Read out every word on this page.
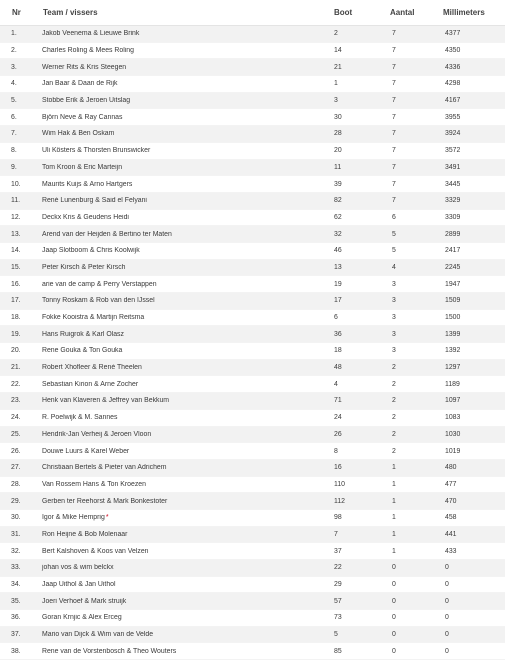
Nr	Team / vissers	Boot	Aantal	Millimeters
1.	Jakob Veenema & Lieuwe Brink	2	7	4377
2.	Charles Roling & Mees Roling	14	7	4350
3.	Werner Rits & Kris Steegen	21	7	4336
4.	Jan Baar & Daan de Rijk	1	7	4298
5.	Stobbe Erik & Jeroen Uitslag	3	7	4167
6.	Björn Neve & Ray Cannas	30	7	3955
7.	Wim Hak & Ben Oskam	28	7	3924
8.	Uli Kösters & Thorsten Brunswicker	20	7	3572
9.	Tom Kroon & Eric Marteijn	11	7	3491
10.	Maurits Kuijs & Arno Hartgers	39	7	3445
11.	René Lunenburg & Said el Felyani	82	7	3329
12.	Deckx Kris & Geudens Heidi	62	6	3309
13.	Arend van der Heijden & Bertino ter Maten	32	5	2899
14.	Jaap Slotboom & Chris Koolwijk	46	5	2417
15.	Peter Kirsch & Peter Kirsch	13	4	2245
16.	arie van de camp & Perry Verstappen	19	3	1947
17.	Tonny Roskam & Rob van den IJssel	17	3	1509
18.	Fokke Kooistra & Martijn Reitsma	6	3	1500
19.	Hans Ruigrok & Karl Olasz	36	3	1399
20.	Rene Gouka & Ton Gouka	18	3	1392
21.	Robert Xhofleer & René Theelen	48	2	1297
22.	Sebastian Kirion & Arne Zocher	4	2	1189
23.	Henk van Klaveren & Jeffrey van Bekkum	71	2	1097
24.	R. Poelwijk & M. Sannes	24	2	1083
25.	Hendrik-Jan Verheij & Jeroen Vloon	26	2	1030
26.	Douwe Luurs & Karel Weber	8	2	1019
27.	Christiaan Bertels & Pieter van Adrichem	16	1	480
28.	Van Rossem Hans & Ton Kroezen	110	1	477
29.	Gerben ter Reehorst & Mark Bonkestoter	112	1	470
30.	Igor & Mike Hemprig*	98	1	458
31.	Ron Heijne & Bob Molenaar	7	1	441
32.	Bert Kalshoven & Koos van Velzen	37	1	433
33.	johan vos & wim belckx	22	0	0
34.	Jaap Uithol & Jan Uithol	29	0	0
35.	Joeri Verhoef & Mark struijk	57	0	0
36.	Goran Krnjic & Alex Erceg	73	0	0
37.	Mario van Dijck & Wim van de Velde	5	0	0
38.	Rene van de Vorstenbosch & Theo Wouters	85	0	0
